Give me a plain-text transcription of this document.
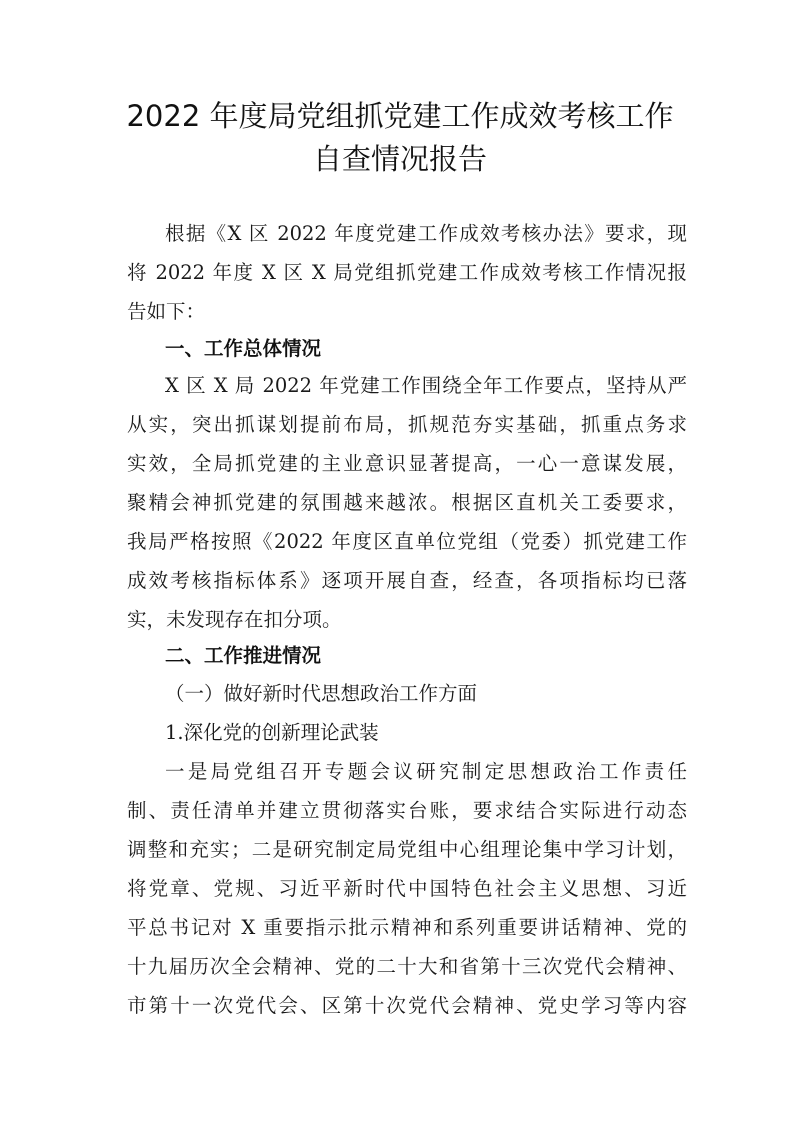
2022 年度局党组抓党建工作成效考核工作
自查情况报告
根据《X 区 2022 年度党建工作成效考核办法》要求，现
将 2022 年度 X 区 X 局党组抓党建工作成效考核工作情况报
告如下：
一、工作总体情况
X 区 X 局 2022 年党建工作围绕全年工作要点，坚持从严
从实，突出抓谋划提前布局，抓规范夯实基础，抓重点务求
实效，全局抓党建的主业意识显著提高，一心一意谋发展，
聚精会神抓党建的氛围越来越浓。根据区直机关工委要求，
我局严格按照《2022 年度区直单位党组（党委）抓党建工作
成效考核指标体系》逐项开展自查，经查，各项指标均已落
实，未发现存在扣分项。
二、工作推进情况
（一）做好新时代思想政治工作方面
1.深化党的创新理论武装
一是局党组召开专题会议研究制定思想政治工作责任
制、责任清单并建立贯彻落实台账，要求结合实际进行动态
调整和充实；二是研究制定局党组中心组理论集中学习计划，
将党章、党规、习近平新时代中国特色社会主义思想、习近
平总书记对 X 重要指示批示精神和系列重要讲话精神、党的
十九届历次全会精神、党的二十大和省第十三次党代会精神、
市第十一次党代会、区第十次党代会精神、党史学习等内容
